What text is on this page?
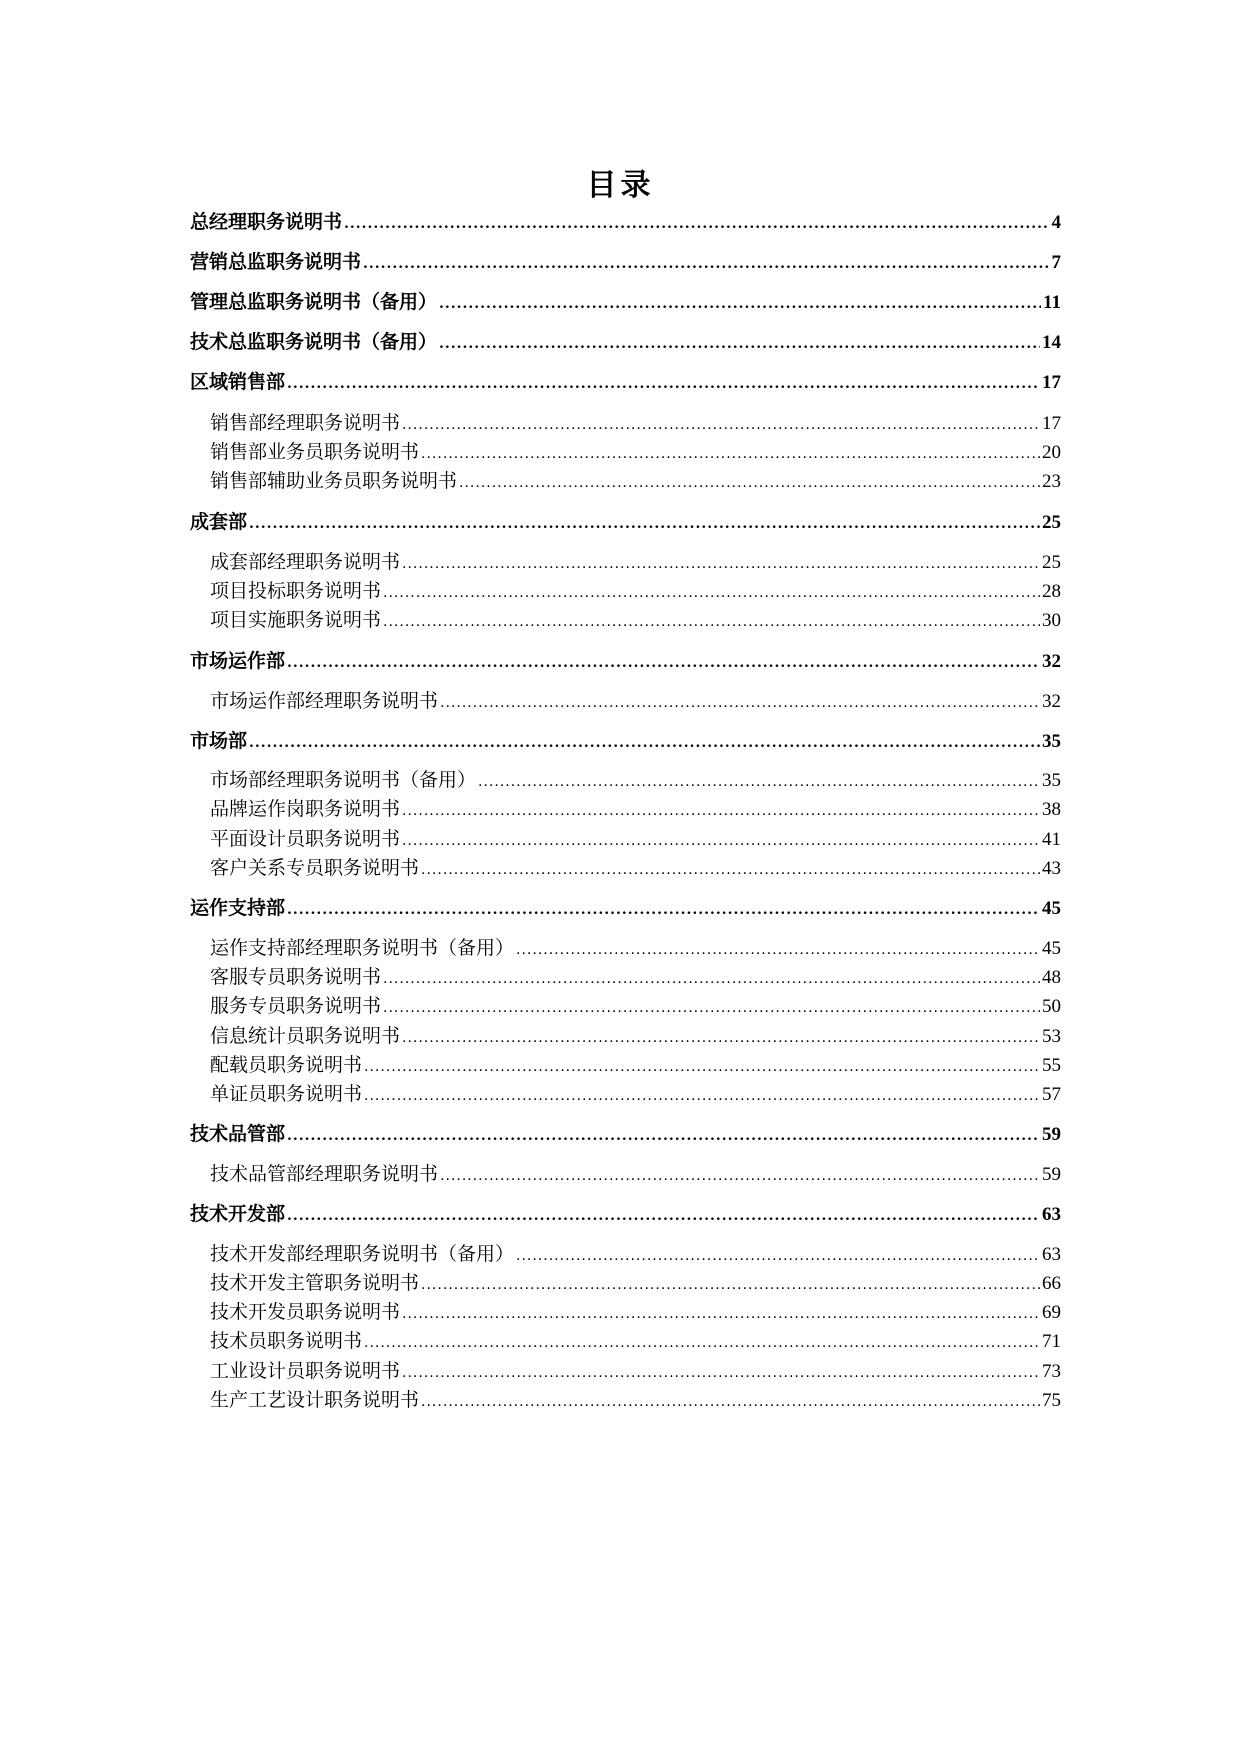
目录
总经理职务说明书 .....	4
营销总监职务说明书 .....	7
管理总监职务说明书（备用） .....	11
技术总监职务说明书（备用） .....	14
区域销售部 .....	17
销售部经理职务说明书 .....	17
销售部业务员职务说明书 .....	20
销售部辅助业务员职务说明书 .....	23
成套部 .....	25
成套部经理职务说明书 .....	25
项目投标职务说明书 .....	28
项目实施职务说明书 .....	30
市场运作部 .....	32
市场运作部经理职务说明书 .....	32
市场部 .....	35
市场部经理职务说明书（备用） .....	35
品牌运作岗职务说明书 .....	38
平面设计员职务说明书 .....	41
客户关系专员职务说明书 .....	43
运作支持部 .....	45
运作支持部经理职务说明书（备用） .....	45
客服专员职务说明书 .....	48
服务专员职务说明书 .....	50
信息统计员职务说明书 .....	53
配载员职务说明书 .....	55
单证员职务说明书 .....	57
技术品管部 .....	59
技术品管部经理职务说明书 .....	59
技术开发部 .....	63
技术开发部经理职务说明书（备用） .....	63
技术开发主管职务说明书 .....	66
技术开发员职务说明书 .....	69
技术员职务说明书 .....	71
工业设计员职务说明书 .....	73
生产工艺设计职务说明书 .....	75
